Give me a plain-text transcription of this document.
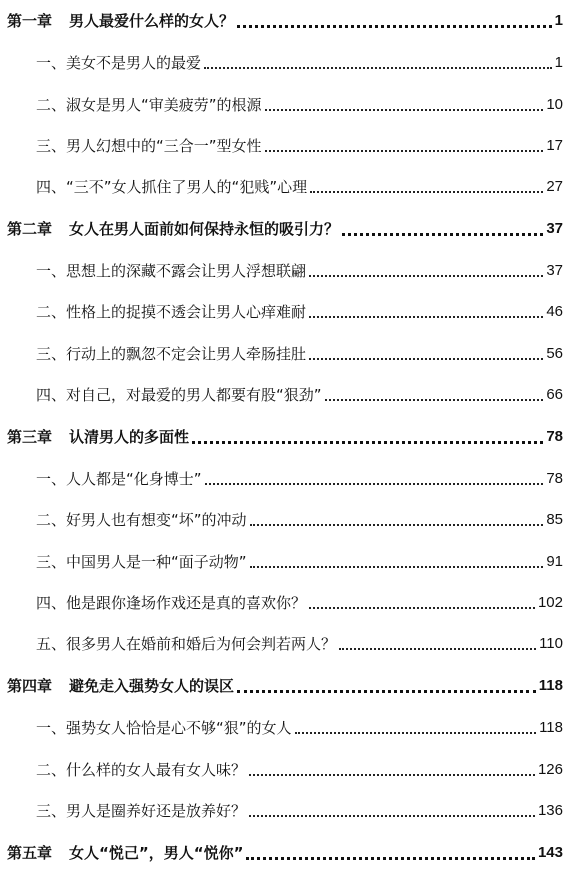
第一章 男人最爱什么样的女人？	1
一、美女不是男人的最爱	1
二、淑女是男人“审美疲劳”的根源	10
三、男人幻想中的“三合一”型女性	17
四、“三不”女人抓住了男人的“犯贱”心理	27
第二章 女人在男人面前如何保持永恒的吸引力？	37
一、思想上的深藏不露会让男人浮想联翩	37
二、性格上的捉摸不透会让男人心痒难耐	46
三、行动上的飘忽不定会让男人牵肠挂肚	56
四、对自己，对最爱的男人都要有股“狠劲”	66
第三章 认清男人的多面性	78
一、人人都是“化身博士”	78
二、好男人也有想变“坏”的冲动	85
三、中国男人是一种“面子动物”	91
四、他是跟你逢场作戏还是真的喜欢你？	102
五、很多男人在婚前和婚后为何会判若两人？	110
第四章 避免走入强势女人的误区	118
一、强势女人恰恰是心不够“狠”的女人	118
二、什么样的女人最有女人味？	126
三、男人是圈养好还是放养好？	136
第五章 女人“悦己”，男人“悦你”	143
